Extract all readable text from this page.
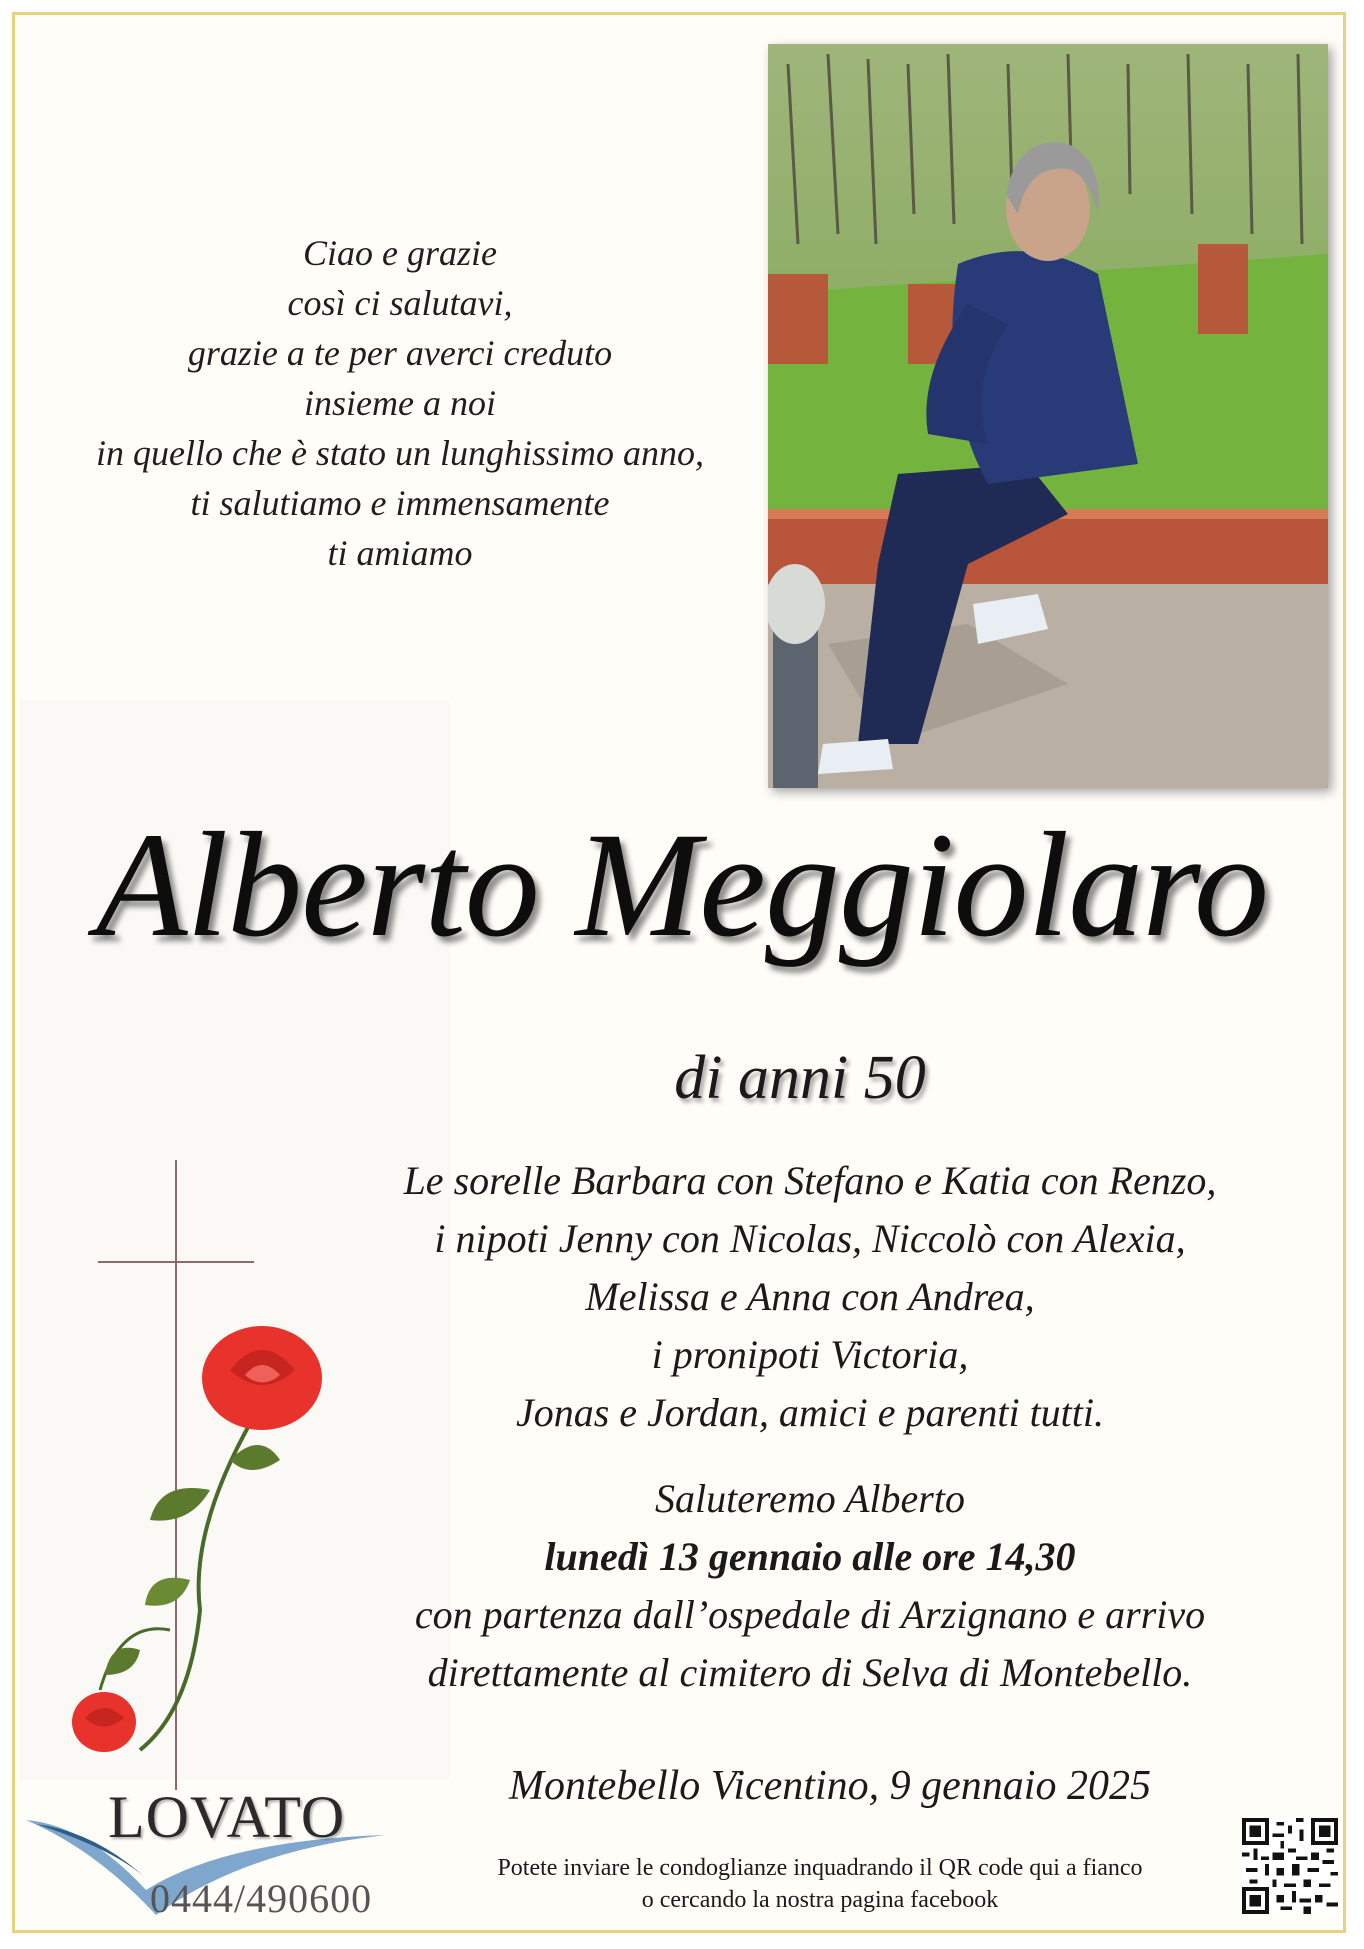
Ciao e grazie
così ci salutavi,
grazie a te per averci creduto
insieme a noi
in quello che è stato un lunghissimo anno,
ti salutiamo e immensamente
ti amiamo
Alberto Meggiolaro
di anni 50
Le sorelle Barbara con Stefano e Katia con Renzo,
i nipoti Jenny con Nicolas, Niccolò con Alexia,
Melissa e Anna con Andrea,
i pronipoti Victoria,
Jonas e Jordan, amici e parenti tutti.
Saluteremo Alberto
lunedì 13 gennaio alle ore 14,30
con partenza dall’ospedale di Arzignano e arrivo
direttamente al cimitero di Selva di Montebello.
Montebello Vicentino, 9 gennaio 2025
Potete inviare le condoglianze inquadrando il QR code qui a fianco
o cercando la nostra pagina facebook
LOVATO
0444/490600
